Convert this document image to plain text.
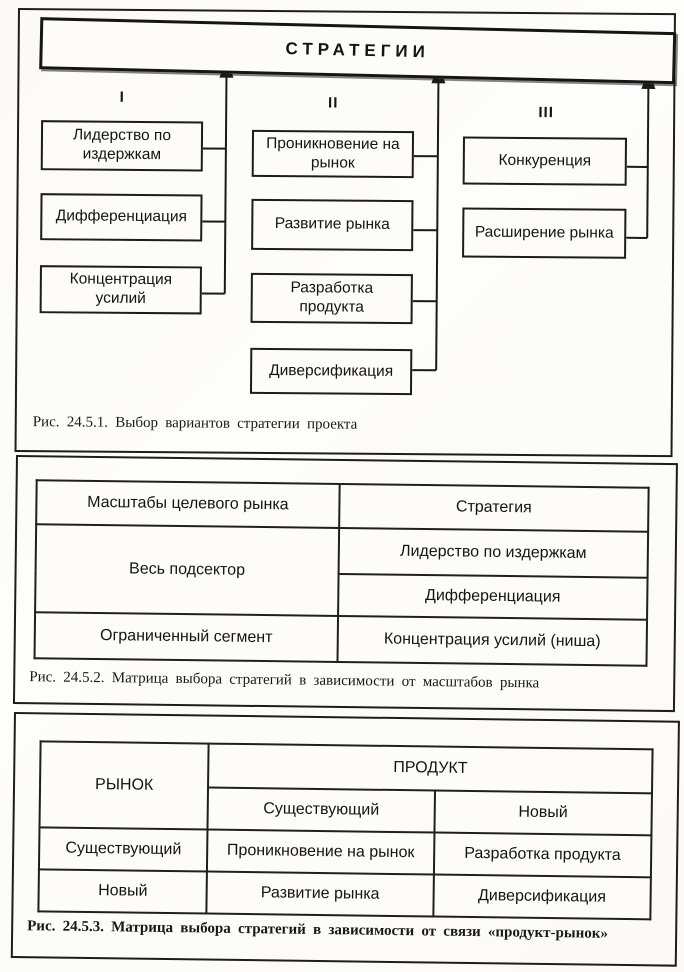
СТРАТЕГИИ
I	II
III
Лидерство по издержкам
Дифференциация
Концентрация усилий
Проникновение на рынок
Развитие рынка
Разработка продукта
Диверсификация
Конкуренция
Расширение рынка
Рис. 24.5.1. Выбор вариантов стратегии проекта
Масштабы целевого рынка	Стратегия
Весь подсектор	Лидерство по издержкам
	Дифференциация
Ограниченный сегмент	Концентрация усилий (ниша)
Рис. 24.5.2. Матрица выбора стратегий в зависимости от масштабов рынка
РЫНОК	ПРОДУКТ	
	Существующий	Новый
Существующий	Проникновение на рынок	Разработка продукта
Новый	Развитие рынка	Диверсификация
Рис. 24.5.3. Матрица выбора стратегий в зависимости от связи «продукт-рынок»
